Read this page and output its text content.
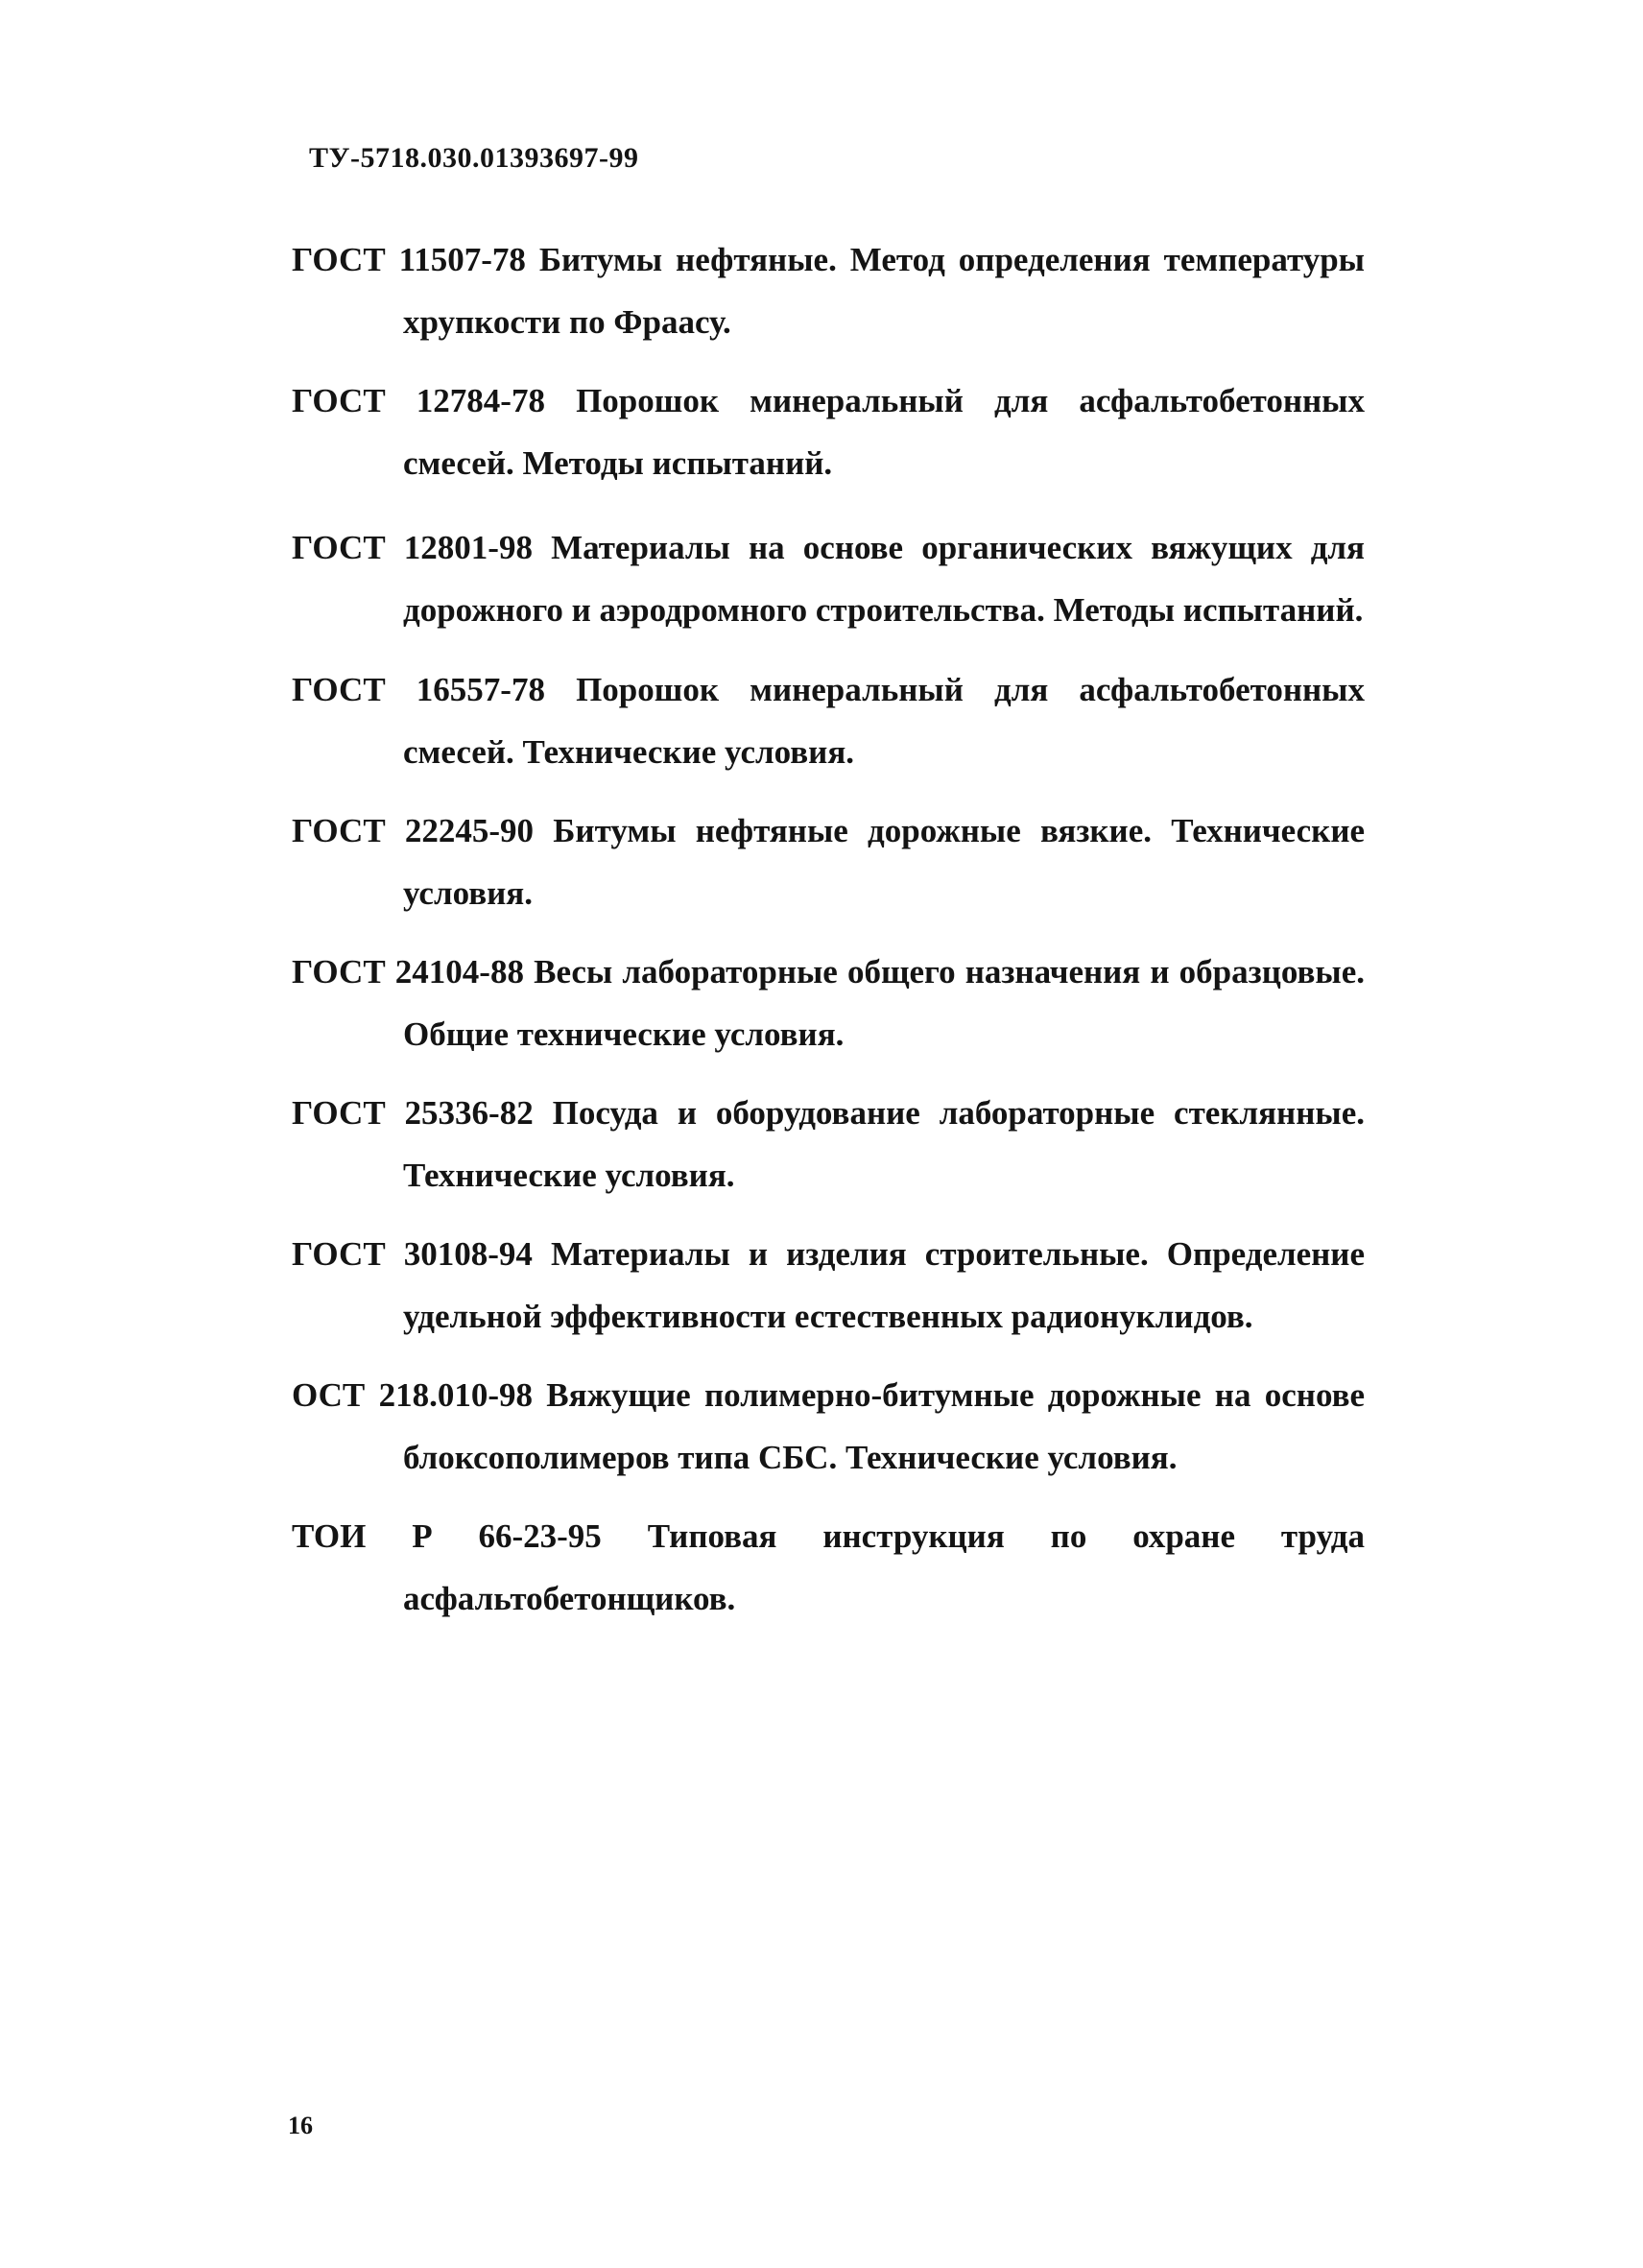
ТУ-5718.030.01393697-99
ГОСТ 11507-78 Битумы нефтяные. Метод определения температуры хрупкости по Фраасу.
ГОСТ 12784-78 Порошок минеральный для асфальтобетонных смесей. Методы испытаний.
ГОСТ 12801-98 Материалы на основе органических вяжущих для дорожного и аэродромного строительства. Методы испытаний.
ГОСТ 16557-78 Порошок минеральный для асфальтобетонных смесей. Технические условия.
ГОСТ 22245-90 Битумы нефтяные дорожные вязкие. Технические условия.
ГОСТ 24104-88 Весы лабораторные общего назначения и образцовые. Общие технические условия.
ГОСТ 25336-82 Посуда и оборудование лабораторные стеклянные. Технические условия.
ГОСТ 30108-94 Материалы и изделия строительные. Определение удельной эффективности естественных радионуклидов.
ОСТ 218.010-98 Вяжущие полимерно-битумные дорожные на основе блоксополимеров типа СБС. Технические условия.
ТОИ Р 66-23-95 Типовая инструкция по охране труда асфальтобетонщиков.
16
